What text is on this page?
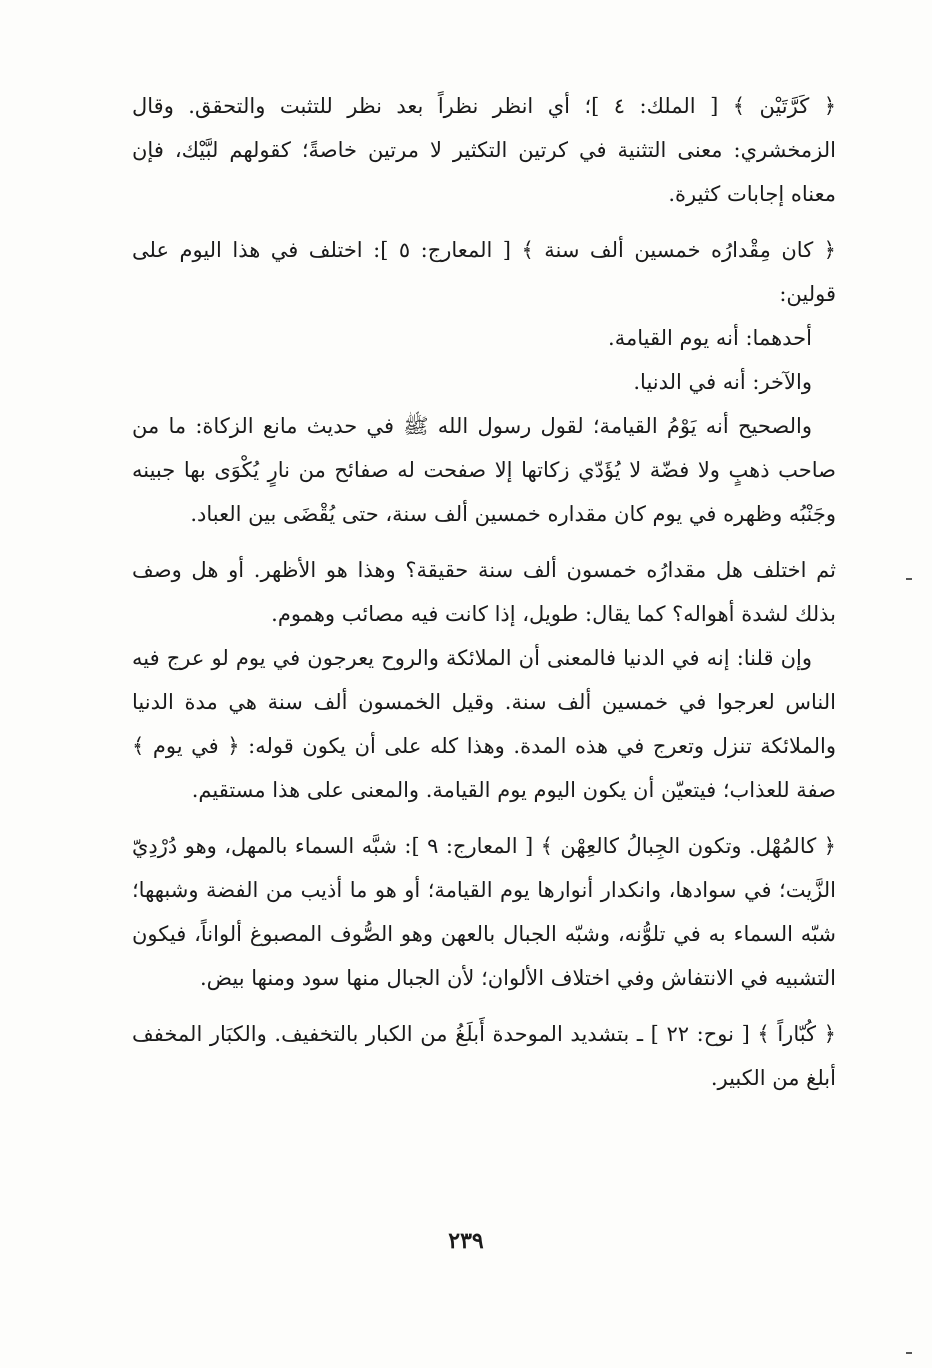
﴿ كَرَّتَيْن ﴾ [ الملك: ٤ ]؛ أي انظر نظراً بعد نظر للتثبت والتحقق. وقال الزمخشري: معنى التثنية في كرتين التكثير لا مرتين خاصةً؛ كقولهم لبَّيْك، فإن معناه إجابات كثيرة.

﴿ كان مِقْدارُه خمسين ألف سنة ﴾ [ المعارج: ٥ ]: اختلف في هذا اليوم على قولين:

أحدهما: أنه يوم القيامة.

والآخر: أنه في الدنيا.

والصحيح أنه يَوْمُ القيامة؛ لقول رسول الله ﷺ في حديث مانع الزكاة: ما من صاحب ذهبٍ ولا فضّة لا يُؤَدّي زكاتها إلا صفحت له صفائح من نارٍ يُكْوَى بها جبينه وجَنْبُه وظهره في يوم كان مقداره خمسين ألف سنة، حتى يُقْضَى بين العباد.

ثم اختلف هل مقدارُه خمسون ألف سنة حقيقة؟ وهذا هو الأظهر. أو هل وصف بذلك لشدة أهواله؟ كما يقال: طويل، إذا كانت فيه مصائب وهموم.

وإن قلنا: إنه في الدنيا فالمعنى أن الملائكة والروح يعرجون في يوم لو عرج فيه الناس لعرجوا في خمسين ألف سنة. وقيل الخمسون ألف سنة هي مدة الدنيا والملائكة تنزل وتعرج في هذه المدة. وهذا كله على أن يكون قوله: ﴿ في يوم ﴾ صفة للعذاب؛ فيتعيّن أن يكون اليوم يوم القيامة. والمعنى على هذا مستقيم.

﴿ كالمُهْل. وتكون الجِبالُ كالعِهْن ﴾ [ المعارج: ٩ ]: شبَّه السماء بالمهل، وهو دُرْدِيّ الزَّيت؛ في سوادها، وانكدار أنوارها يوم القيامة؛ أو هو ما أذيب من الفضة وشبهها؛ شبّه السماء به في تلوُّنه، وشبّه الجبال بالعهن وهو الصُّوف المصبوغ ألواناً، فيكون التشبيه في الانتفاش وفي اختلاف الألوان؛ لأن الجبال منها سود ومنها بيض.

﴿ كُبّاراً ﴾ [ نوح: ٢٢ ] ـ بتشديد الموحدة أَبلَغُ من الكبار بالتخفيف. والكبَار المخفف أبلغ من الكبير.

٢٣٩
